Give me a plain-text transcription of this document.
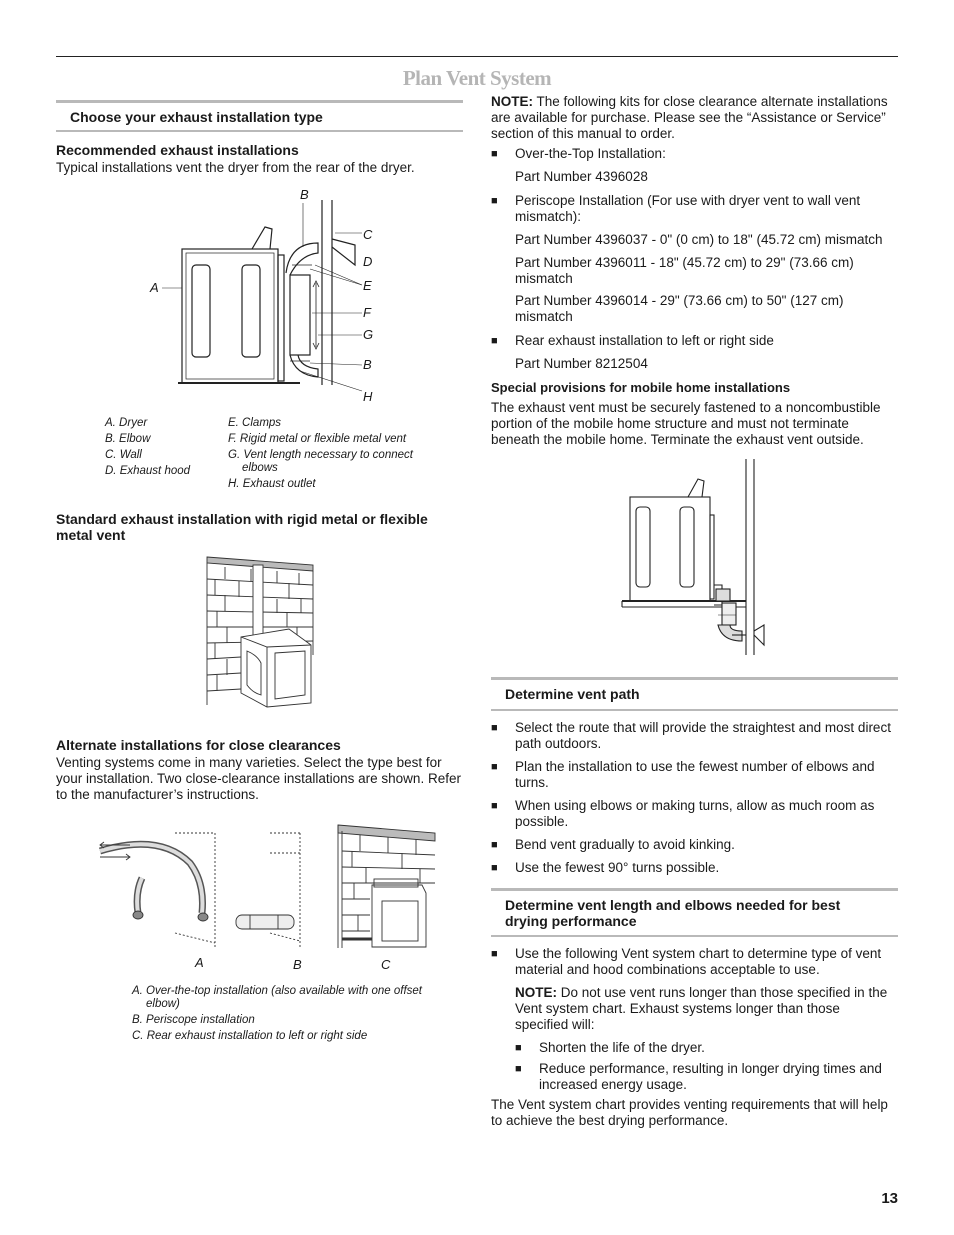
Plan Vent System
Choose your exhaust installation type
Recommended exhaust installations
Typical installations vent the dryer from the rear of the dryer.
A
B
C
D
E
F
G
B
H
A. Dryer
B. Elbow
C. Wall
D. Exhaust hood
E. Clamps
F. Rigid metal or flexible metal vent
G. Vent length necessary to connect elbows
H. Exhaust outlet
Standard exhaust installation with rigid metal or flexible metal vent
Alternate installations for close clearances
Venting systems come in many varieties. Select the type best for your installation. Two close-clearance installations are shown. Refer to the manufacturer’s instructions.
A	B	C
A. Over-the-top installation (also available with one offset elbow)
B. Periscope installation
C. Rear exhaust installation to left or right side
NOTE: The following kits for close clearance alternate installations are available for purchase. Please see the “Assistance or Service” section of this manual to order.
■ Over-the-Top Installation:
Part Number 4396028
■ Periscope Installation (For use with dryer vent to wall vent mismatch):
Part Number 4396037 - 0" (0 cm) to 18" (45.72 cm) mismatch
Part Number 4396011 - 18" (45.72 cm) to 29" (73.66 cm) mismatch
Part Number 4396014 - 29" (73.66 cm) to 50" (127 cm) mismatch
■ Rear exhaust installation to left or right side
Part Number 8212504
Special provisions for mobile home installations
The exhaust vent must be securely fastened to a noncombustible portion of the mobile home structure and must not terminate beneath the mobile home. Terminate the exhaust vent outside.
Determine vent path
■ Select the route that will provide the straightest and most direct path outdoors.
■ Plan the installation to use the fewest number of elbows and turns.
■ When using elbows or making turns, allow as much room as possible.
■ Bend vent gradually to avoid kinking.
■ Use the fewest 90° turns possible.
Determine vent length and elbows needed for best drying performance
■ Use the following Vent system chart to determine type of vent material and hood combinations acceptable to use.
NOTE: Do not use vent runs longer than those specified in the Vent system chart. Exhaust systems longer than those specified will:
■ Shorten the life of the dryer.
■ Reduce performance, resulting in longer drying times and increased energy usage.
The Vent system chart provides venting requirements that will help to achieve the best drying performance.
13
